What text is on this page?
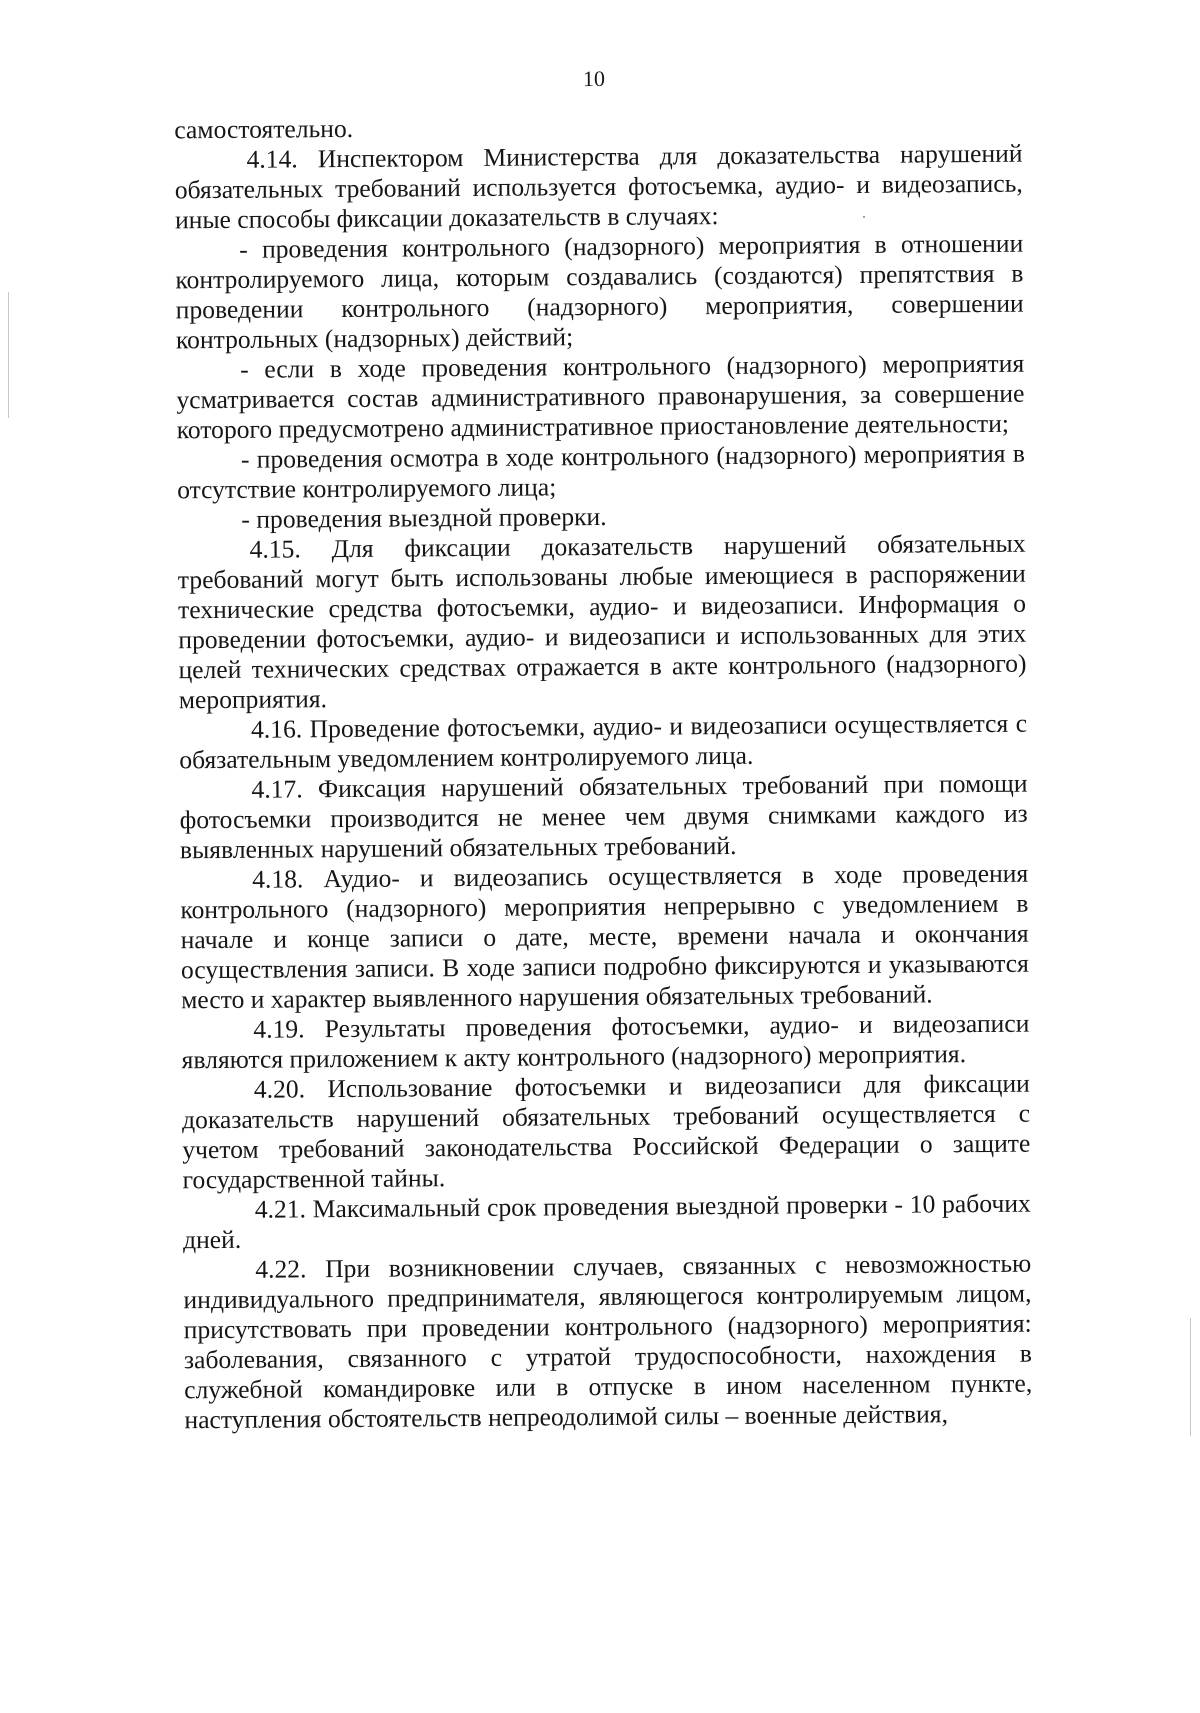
10

самостоятельно.

4.14. Инспектором Министерства для доказательства нарушений обязательных требований используется фотосъемка, аудио- и видеозапись, иные способы фиксации доказательств в случаях:

- проведения контрольного (надзорного) мероприятия в отношении контролируемого лица, которым создавались (создаются) препятствия в проведении контрольного (надзорного) мероприятия, совершении контрольных (надзорных) действий;

- если в ходе проведения контрольного (надзорного) мероприятия усматривается состав административного правонарушения, за совершение которого предусмотрено административное приостановление деятельности;

- проведения осмотра в ходе контрольного (надзорного) мероприятия в отсутствие контролируемого лица;

- проведения выездной проверки.

4.15. Для фиксации доказательств нарушений обязательных требований могут быть использованы любые имеющиеся в распоряжении технические средства фотосъемки, аудио- и видеозаписи. Информация о проведении фотосъемки, аудио- и видеозаписи и использованных для этих целей технических средствах отражается в акте контрольного (надзорного) мероприятия.

4.16. Проведение фотосъемки, аудио- и видеозаписи осуществляется с обязательным уведомлением контролируемого лица.

4.17. Фиксация нарушений обязательных требований при помощи фотосъемки производится не менее чем двумя снимками каждого из выявленных нарушений обязательных требований.

4.18. Аудио- и видеозапись осуществляется в ходе проведения контрольного (надзорного) мероприятия непрерывно с уведомлением в начале и конце записи о дате, месте, времени начала и окончания осуществления записи. В ходе записи подробно фиксируются и указываются место и характер выявленного нарушения обязательных требований.

4.19. Результаты проведения фотосъемки, аудио- и видеозаписи являются приложением к акту контрольного (надзорного) мероприятия.

4.20. Использование фотосъемки и видеозаписи для фиксации доказательств нарушений обязательных требований осуществляется с учетом требований законодательства Российской Федерации о защите государственной тайны.

4.21. Максимальный срок проведения выездной проверки - 10 рабочих дней.

4.22. При возникновении случаев, связанных с невозможностью индивидуального предпринимателя, являющегося контролируемым лицом, присутствовать при проведении контрольного (надзорного) мероприятия: заболевания, связанного с утратой трудоспособности, нахождения в служебной командировке или в отпуске в ином населенном пункте, наступления обстоятельств непреодолимой силы – военные действия,
